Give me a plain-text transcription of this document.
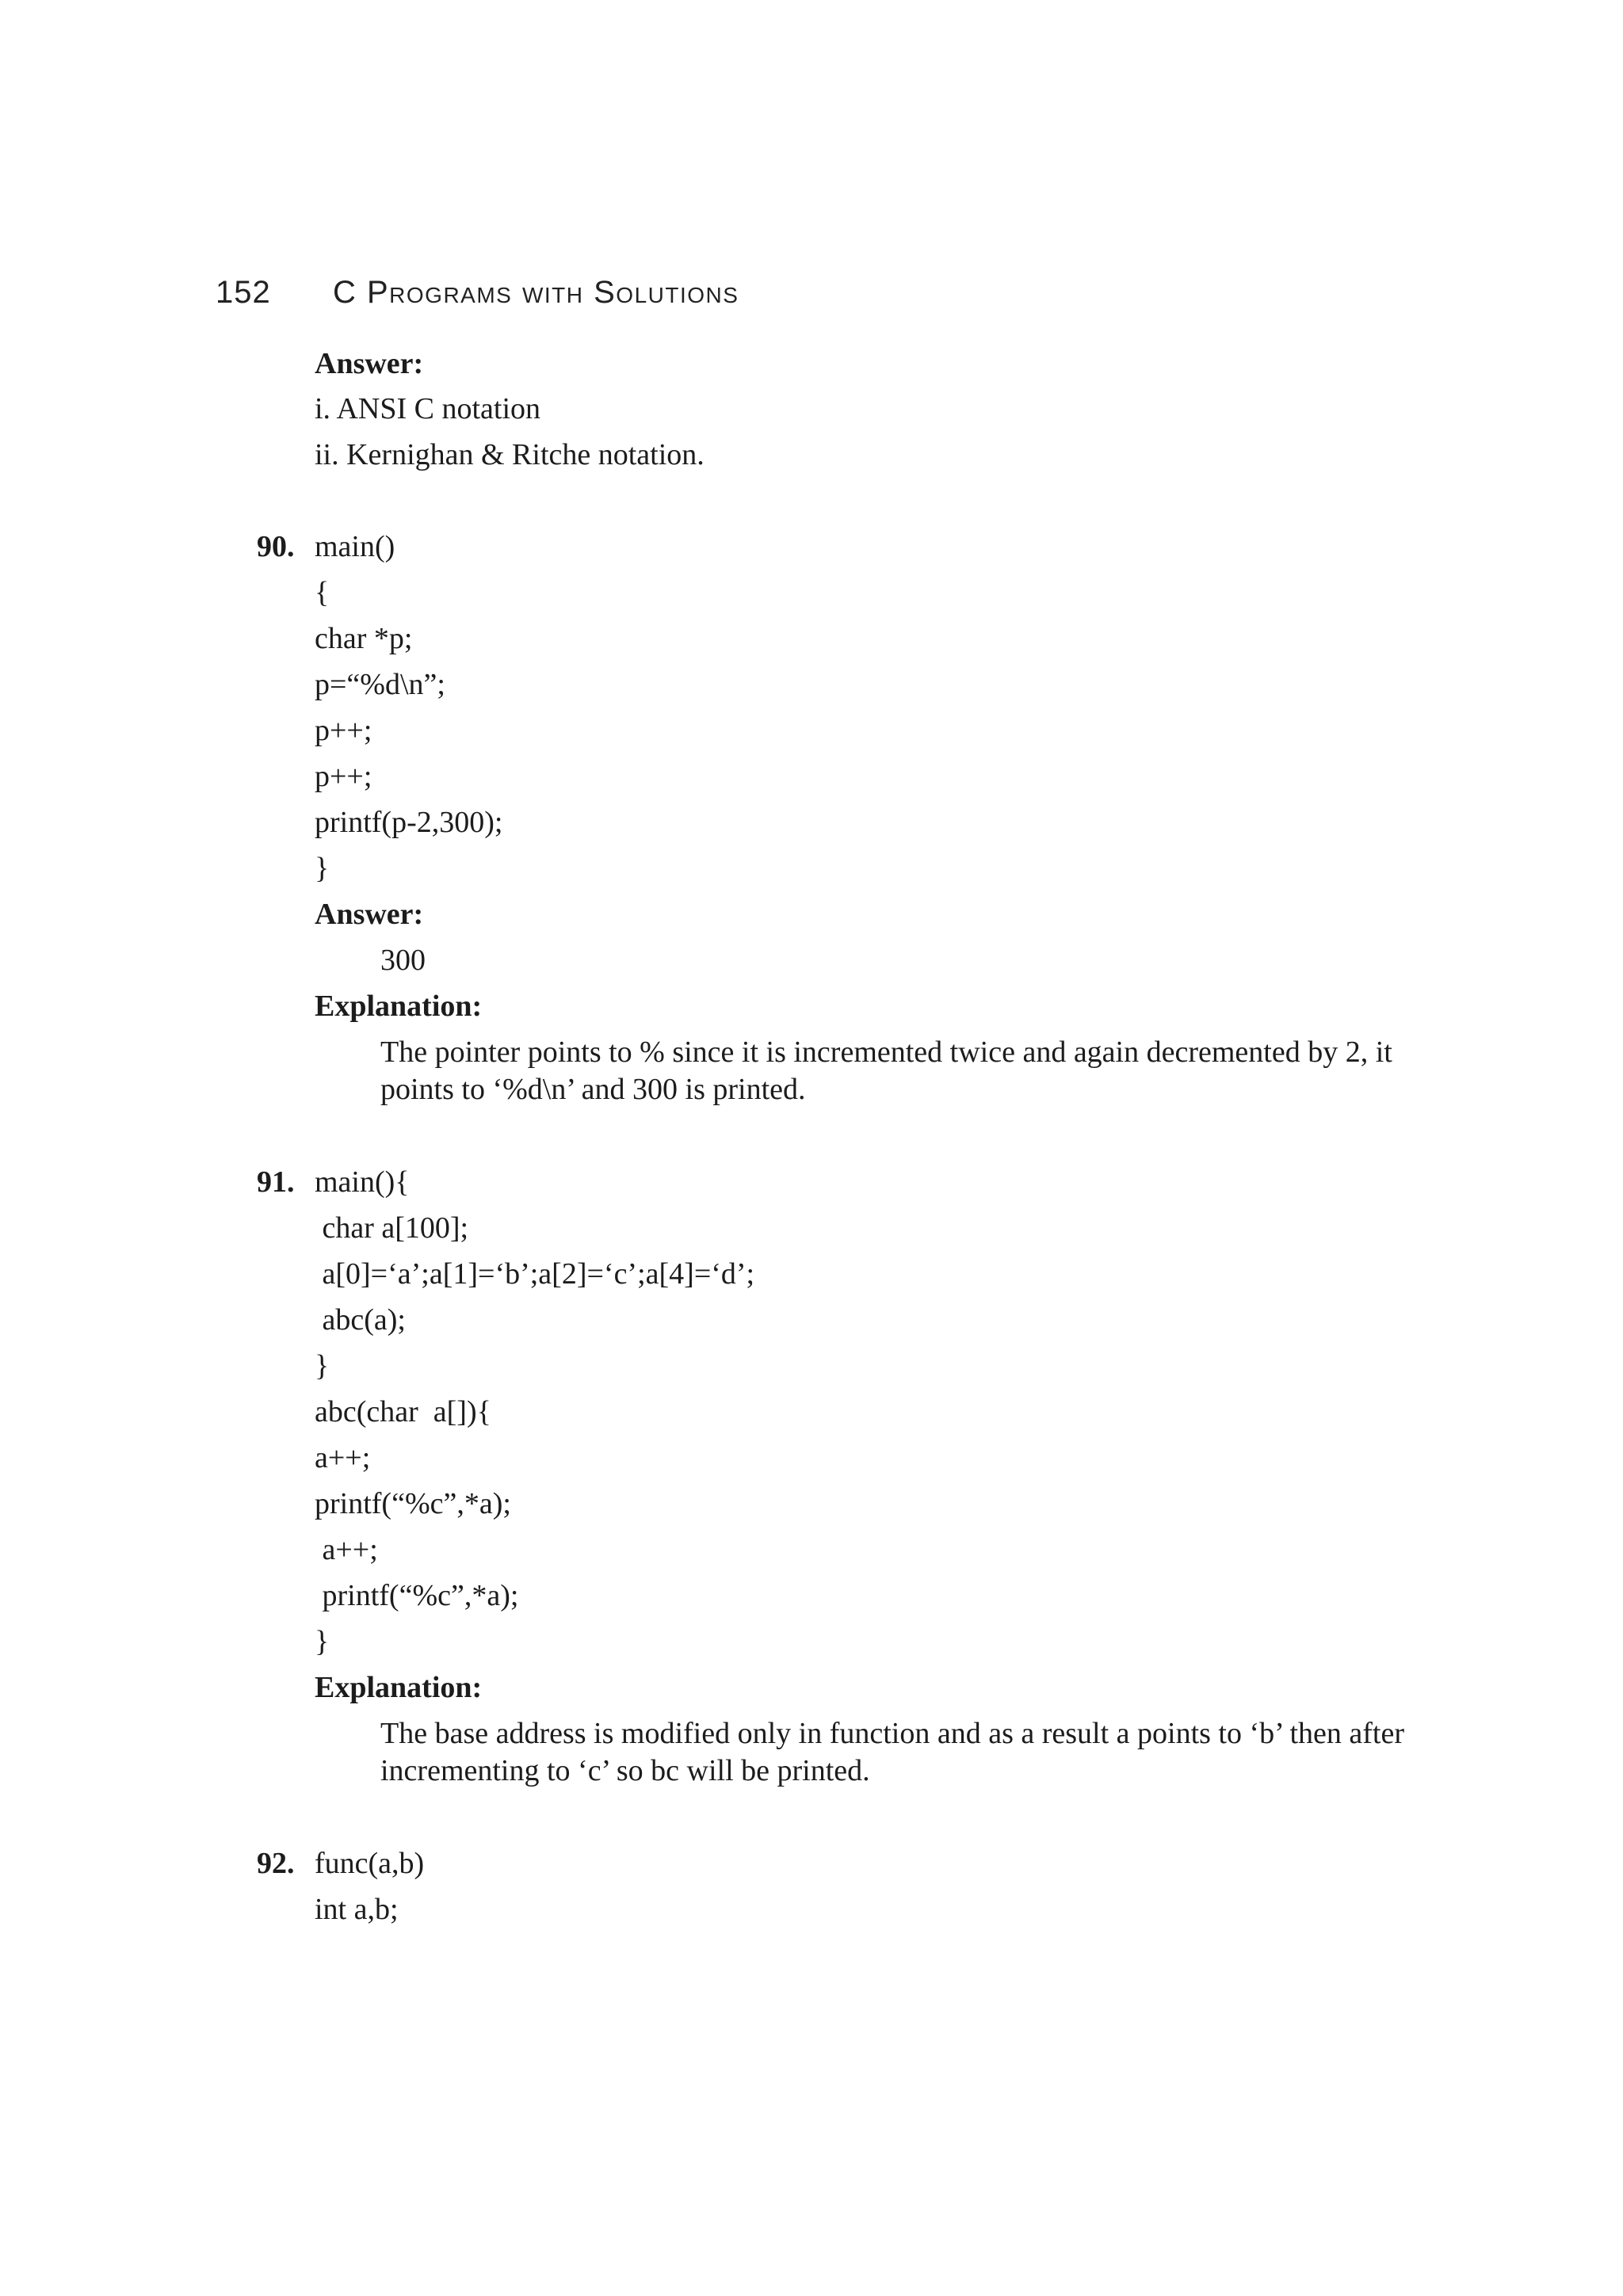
152 C Programs with Solutions
Answer:
i. ANSI C notation
ii. Kernighan & Ritche notation.
90. main()
{
char *p;
p=“%d\n”;
p++;
p++;
printf(p-2,300);
}
Answer:
300
Explanation:
The pointer points to % since it is incremented twice and again decremented by 2, it
points to ‘%d\n’ and 300 is printed.
91. main(){
char a[100];
a[0]=‘a’;a[1]=‘b’;a[2]=‘c’;a[4]=‘d’;
abc(a);
}
abc(char  a[]){
a++;
printf(“%c”,*a);
a++;
printf(“%c”,*a);
}
Explanation:
The base address is modified only in function and as a result a points to ‘b’ then after
incrementing to ‘c’ so bc will be printed.
92. func(a,b)
int a,b;
